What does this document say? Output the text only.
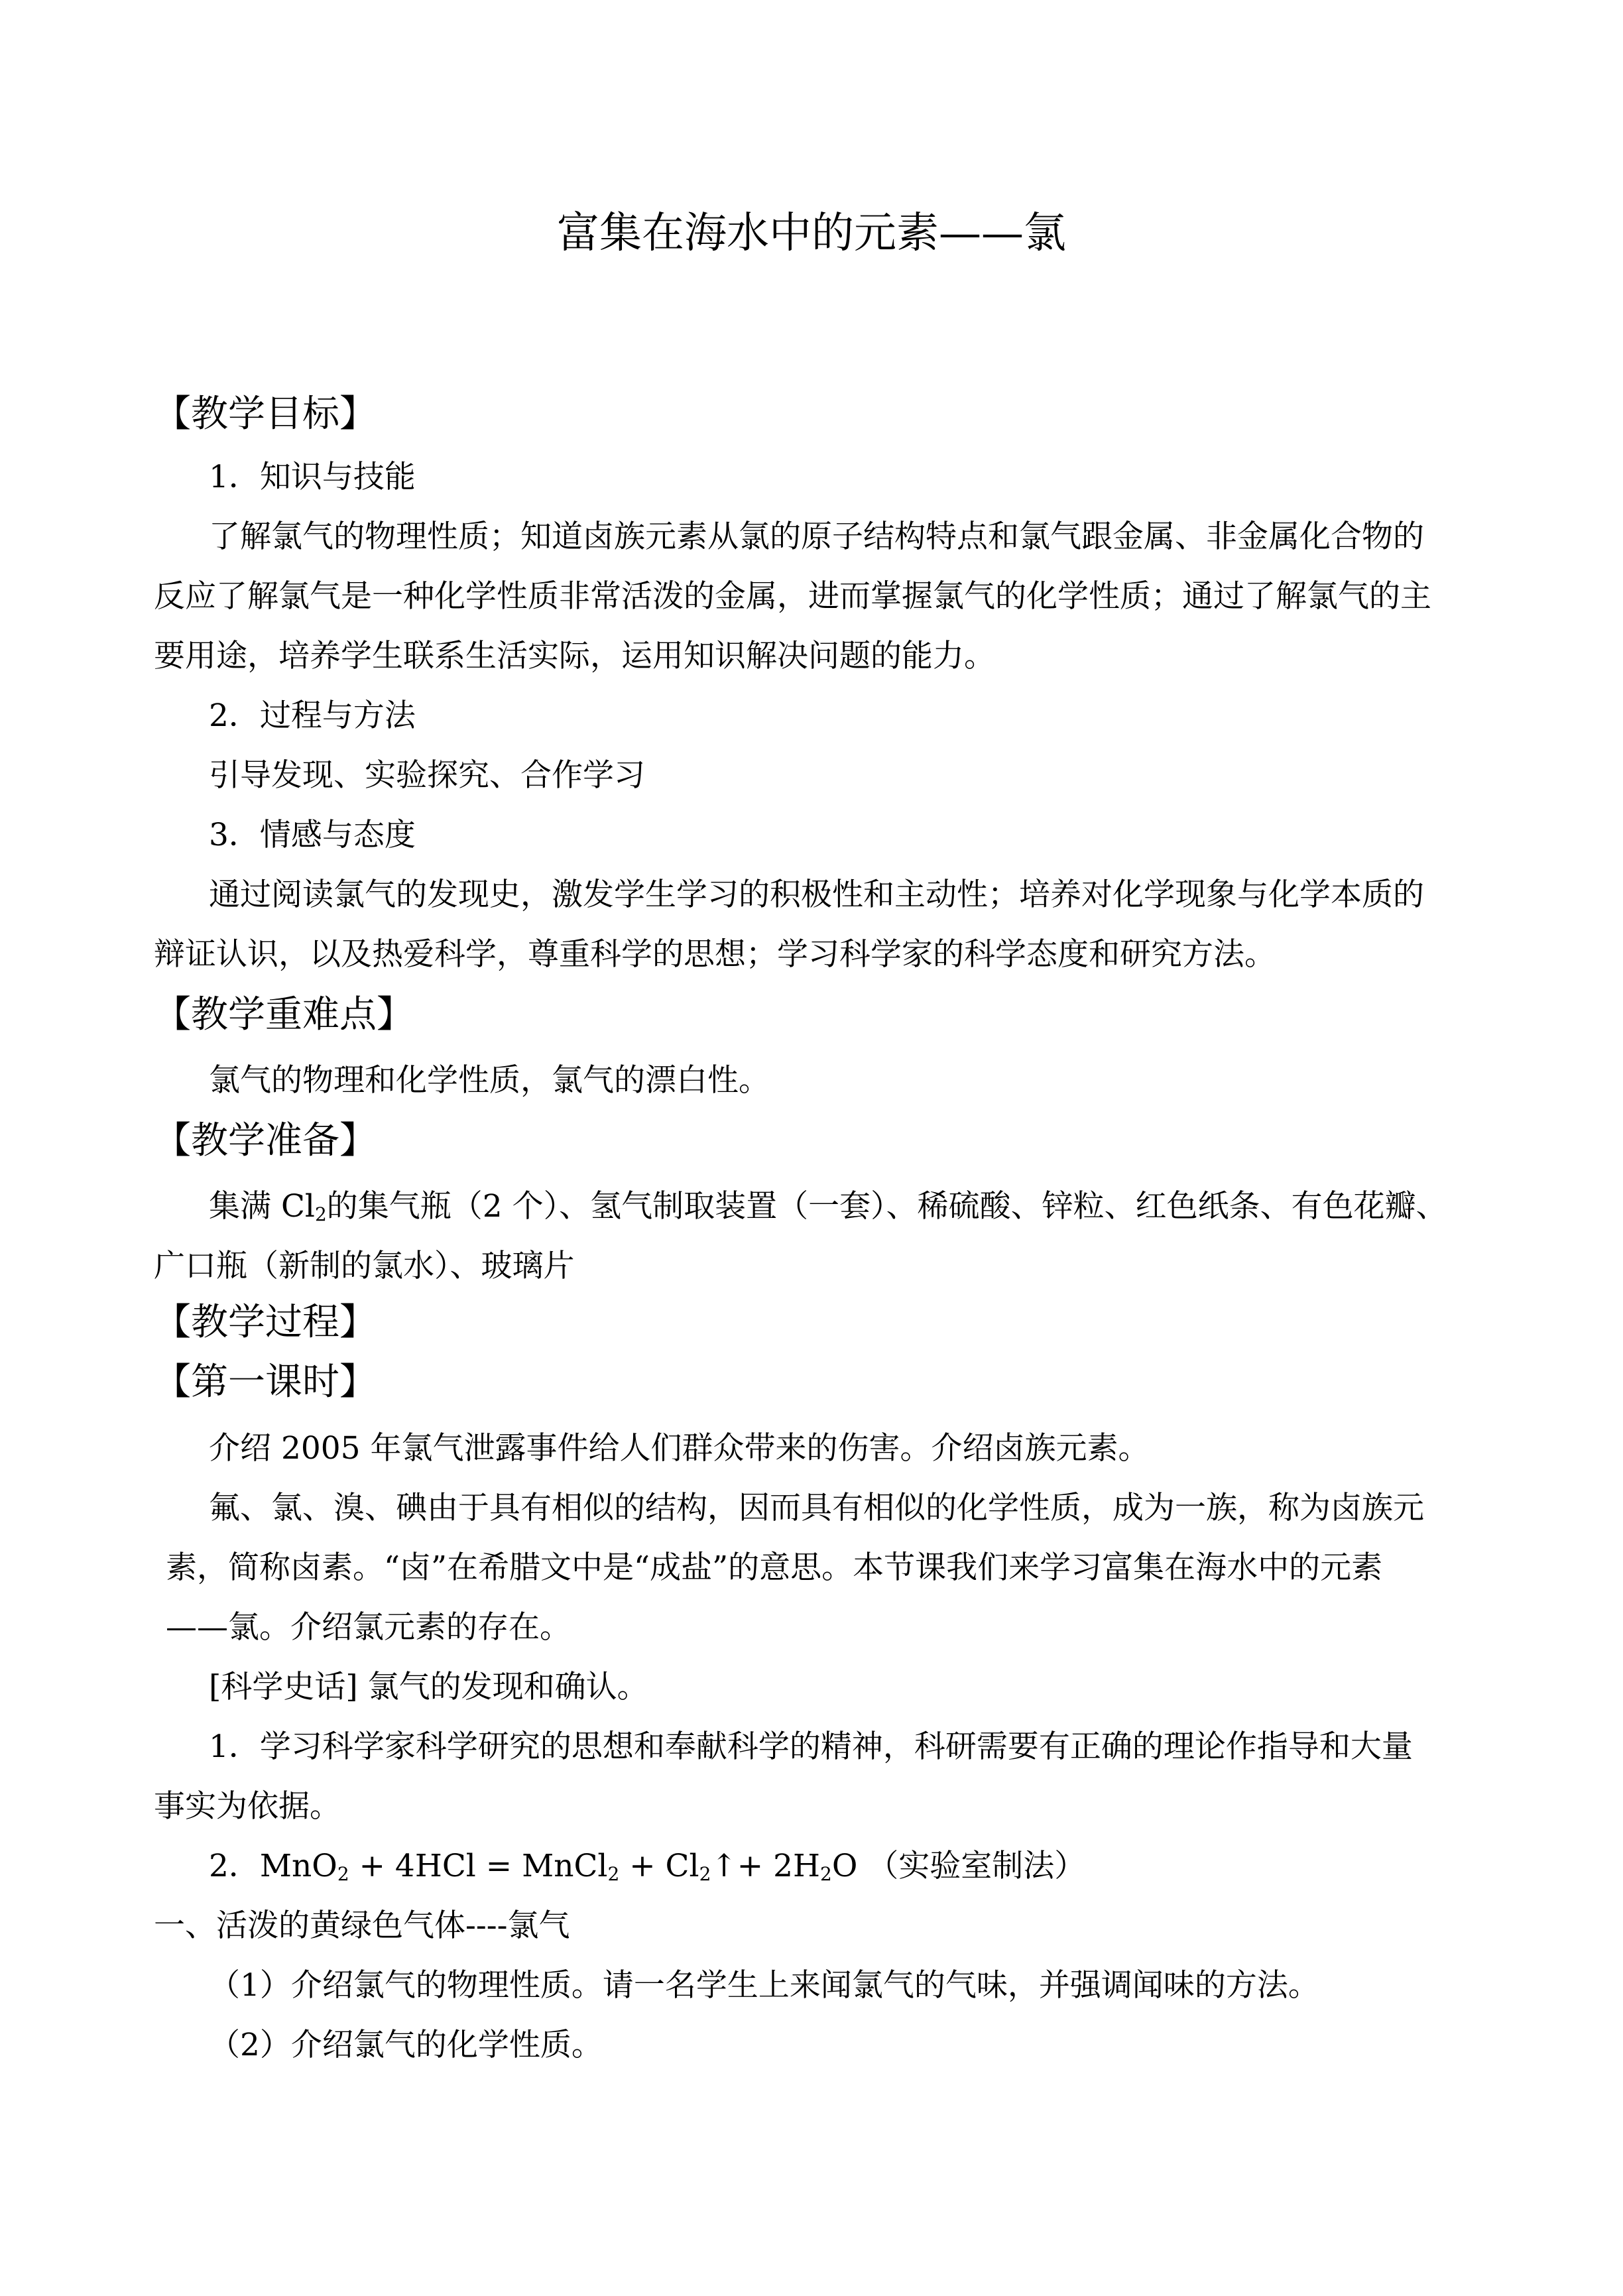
富集在海水中的元素——氯
【教学目标】
1．知识与技能
了解氯气的物理性质；知道卤族元素从氯的原子结构特点和氯气跟金属、非金属化合物的
反应了解氯气是一种化学性质非常活泼的金属，进而掌握氯气的化学性质；通过了解氯气的主
要用途，培养学生联系生活实际，运用知识解决问题的能力。
2．过程与方法
引导发现、实验探究、合作学习
3．情感与态度
通过阅读氯气的发现史，激发学生学习的积极性和主动性；培养对化学现象与化学本质的
辩证认识，以及热爱科学，尊重科学的思想；学习科学家的科学态度和研究方法。
【教学重难点】
氯气的物理和化学性质，氯气的漂白性。
【教学准备】
集满 $Cl_2$的集气瓶（2 个）、氢气制取装置（一套）、稀硫酸、锌粒、红色纸条、有色花瓣、
广口瓶（新制的氯水）、玻璃片
【教学过程】
【第一课时】
介绍 2005 年氯气泄露事件给人们群众带来的伤害。介绍卤族元素。
氟、氯、溴、碘由于具有相似的结构，因而具有相似的化学性质，成为一族，称为卤族元
素，简称卤素。“卤”在希腊文中是“成盐”的意思。本节课我们来学习富集在海水中的元素
——氯。介绍氯元素的存在。
[科学史话] 氯气的发现和确认。
1．学习科学家科学研究的思想和奉献科学的精神，科研需要有正确的理论作指导和大量
事实为依据。
2．MnO$_2$ + 4HCl = MnCl$_2$ + $Cl_2↑+ 2H_2O$ （实验室制法）
一、活泼的黄绿色气体----氯气
（1）介绍氯气的物理性质。请一名学生上来闻氯气的气味，并强调闻味的方法。
（2）介绍氯气的化学性质。
